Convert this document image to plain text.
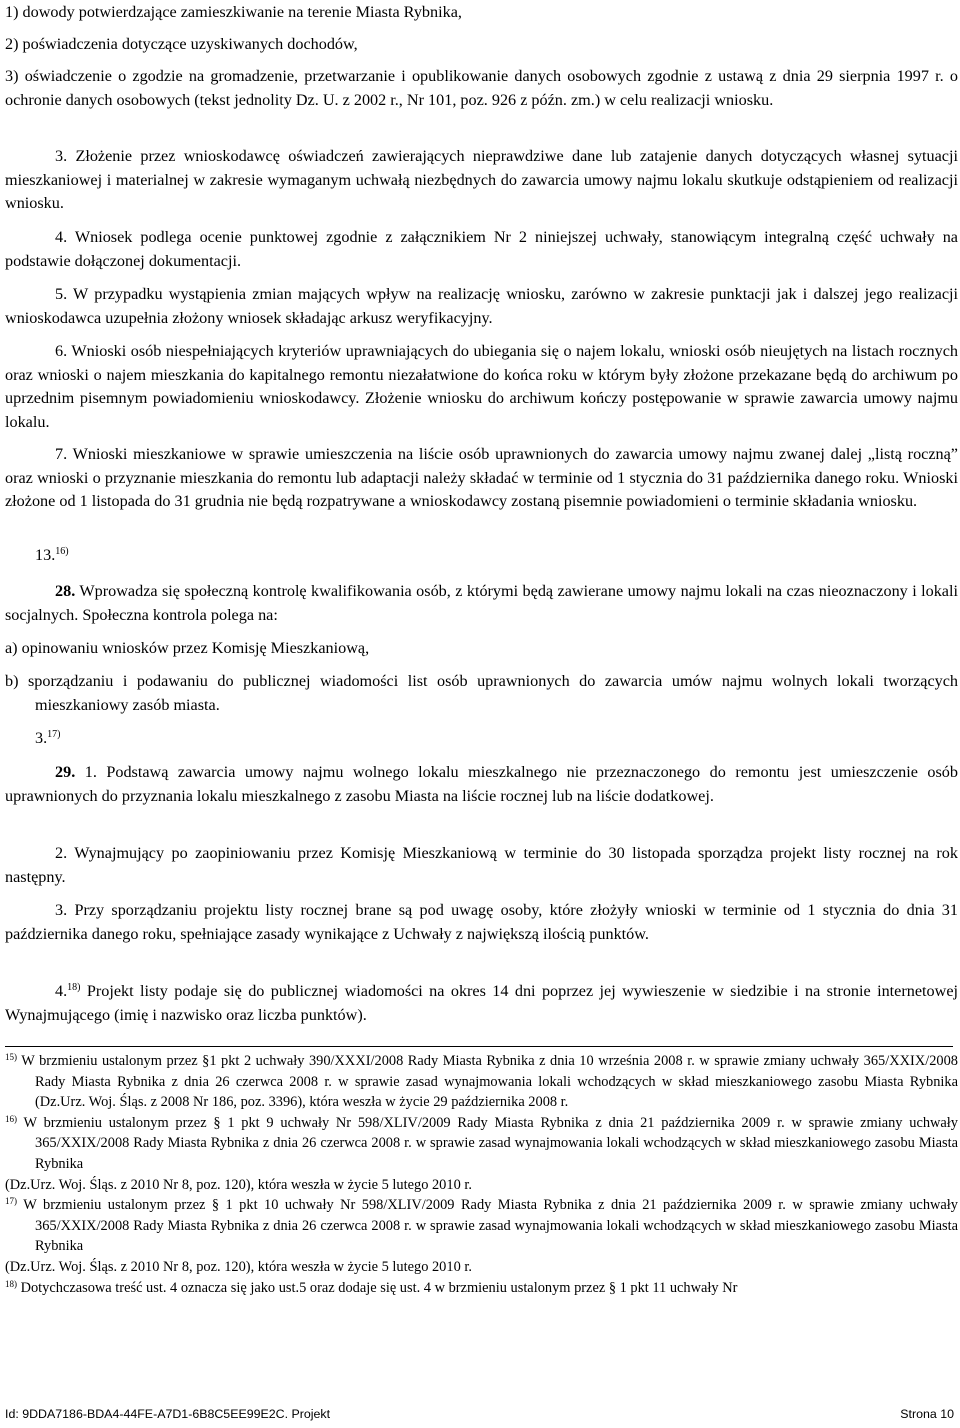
1) dowody potwierdzające zamieszkiwanie na terenie Miasta Rybnika,

2) poświadczenia dotyczące uzyskiwanych dochodów,

3) oświadczenie o zgodzie na gromadzenie, przetwarzanie i opublikowanie danych osobowych zgodnie z ustawą z dnia 29 sierpnia 1997 r. o ochronie danych osobowych (tekst jednolity Dz. U. z 2002 r., Nr 101, poz. 926 z późn. zm.) w celu realizacji wniosku.

3. Złożenie przez wnioskodawcę oświadczeń zawierających nieprawdziwe dane lub zatajenie danych dotyczących własnej sytuacji mieszkaniowej i materialnej w zakresie wymaganym uchwałą niezbędnych do zawarcia umowy najmu lokalu skutkuje odstąpieniem od realizacji wniosku.

4. Wniosek podlega ocenie punktowej zgodnie z załącznikiem Nr 2 niniejszej uchwały, stanowiącym integralną część uchwały na podstawie dołączonej dokumentacji.

5. W przypadku wystąpienia zmian mających wpływ na realizację wniosku, zarówno w zakresie punktacji jak i dalszej jego realizacji wnioskodawca uzupełnia złożony wniosek składając arkusz weryfikacyjny.

6. Wnioski osób niespełniających kryteriów uprawniających do ubiegania się o najem lokalu, wnioski osób nieujętych na listach rocznych oraz wnioski o najem mieszkania do kapitalnego remontu niezałatwione do końca roku w którym były złożone przekazane będą do archiwum po uprzednim pisemnym powiadomieniu wnioskodawcy. Złożenie wniosku do archiwum kończy postępowanie w sprawie zawarcia umowy najmu lokalu.

7. Wnioski mieszkaniowe w sprawie umieszczenia na liście osób uprawnionych do zawarcia umowy najmu zwanej dalej „listą roczną” oraz wnioski o przyznanie mieszkania do remontu lub adaptacji należy składać w terminie od 1 stycznia do 31 października danego roku. Wnioski złożone od 1 listopada do 31 grudnia nie będą rozpatrywane a wnioskodawcy zostaną pisemnie powiadomieni o terminie składania wniosku.

13.$^{16)}$

28. Wprowadza się społeczną kontrolę kwalifikowania osób, z którymi będą zawierane umowy najmu lokali na czas nieoznaczony i lokali socjalnych. Społeczna kontrola polega na:

a) opinowaniu wniosków przez Komisję Mieszkaniową,

b) sporządzaniu i podawaniu do publicznej wiadomości list osób uprawnionych do zawarcia umów najmu wolnych lokali tworzących mieszkaniowy zasób miasta.

3.$^{17)}$

29. 1. Podstawą zawarcia umowy najmu wolnego lokalu mieszkalnego nie przeznaczonego do remontu jest umieszczenie osób uprawnionych do przyznania lokalu mieszkalnego z zasobu Miasta na liście rocznej lub na liście dodatkowej.

2. Wynajmujący po zaopiniowaniu przez Komisję Mieszkaniową w terminie do 30 listopada sporządza projekt listy rocznej na rok następny.

3. Przy sporządzaniu projektu listy rocznej brane są pod uwagę osoby, które złożyły wnioski w terminie od 1 stycznia do dnia 31 października danego roku, spełniające zasady wynikające z Uchwały z największą ilością punktów.

4.$^{18)}$ Projekt listy podaje się do publicznej wiadomości na okres 14 dni poprzez jej wywieszenie w siedzibie i na stronie internetowej Wynajmującego (imię i nazwisko oraz liczba punktów).

$^{15)}$ W brzmieniu ustalonym przez §1 pkt 2 uchwały 390/XXXI/2008 Rady Miasta Rybnika z dnia 10 września 2008 r. w sprawie zmiany uchwały 365/XXIX/2008 Rady Miasta Rybnika z dnia 26 czerwca 2008 r. w sprawie zasad wynajmowania lokali wchodzących w skład mieszkaniowego zasobu Miasta Rybnika (Dz.Urz. Woj. Śląs. z 2008 Nr 186, poz. 3396), która weszła w życie 29 października 2008 r.

$^{16)}$ W brzmieniu ustalonym przez § 1 pkt 9 uchwały Nr 598/XLIV/2009 Rady Miasta Rybnika z dnia 21 października 2009 r. w sprawie zmiany uchwały 365/XXIX/2008 Rady Miasta Rybnika z dnia 26 czerwca 2008 r. w sprawie zasad wynajmowania lokali wchodzących w skład mieszkaniowego zasobu Miasta Rybnika

(Dz.Urz. Woj. Śląs. z 2010 Nr 8, poz. 120), która weszła w życie 5 lutego 2010 r.

$^{17)}$ W brzmieniu ustalonym przez § 1 pkt 10 uchwały Nr 598/XLIV/2009 Rady Miasta Rybnika z dnia 21 października 2009 r. w sprawie zmiany uchwały 365/XXIX/2008 Rady Miasta Rybnika z dnia 26 czerwca 2008 r. w sprawie zasad wynajmowania lokali wchodzących w skład mieszkaniowego zasobu Miasta Rybnika

(Dz.Urz. Woj. Śląs. z 2010 Nr 8, poz. 120), która weszła w życie 5 lutego 2010 r.

$^{18)}$ Dotychczasowa treść ust. 4 oznacza się jako ust.5 oraz dodaje się ust. 4 w brzmieniu ustalonym przez § 1 pkt 11 uchwały Nr

Id: 9DDA7186-BDA4-44FE-A7D1-6B8C5EE99E2C. Projekt	Strona 10
